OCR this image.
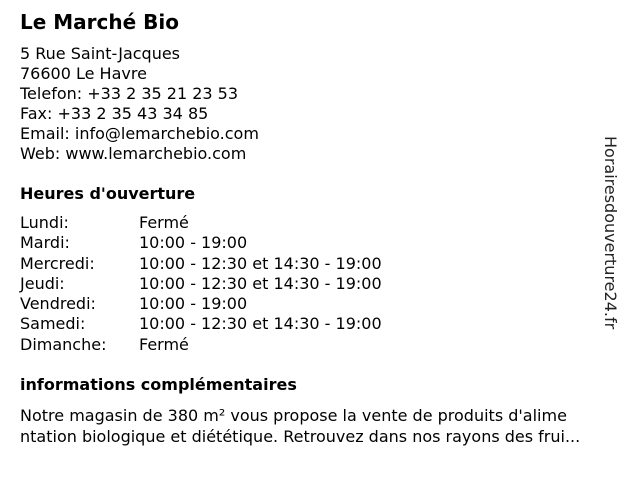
Le Marché Bio
5 Rue Saint-Jacques
76600 Le Havre
Telefon: +33 2 35 21 23 53
Fax: +33 2 35 43 34 85
Email: info@lemarchebio.com
Web: www.lemarchebio.com
Heures d'ouverture
Lundi:	Fermé
Mardi:	10:00 - 19:00
Mercredi:	10:00 - 12:30 et 14:30 - 19:00
Jeudi:	10:00 - 12:30 et 14:30 - 19:00
Vendredi:	10:00 - 19:00
Samedi:	10:00 - 12:30 et 14:30 - 19:00
Dimanche:	Fermé
informations complémentaires

Notre magasin de 380 m² vous propose la vente de produits d'alime
ntation biologique et diététique. Retrouvez dans nos rayons des frui...

Horairesdouverture24.fr
